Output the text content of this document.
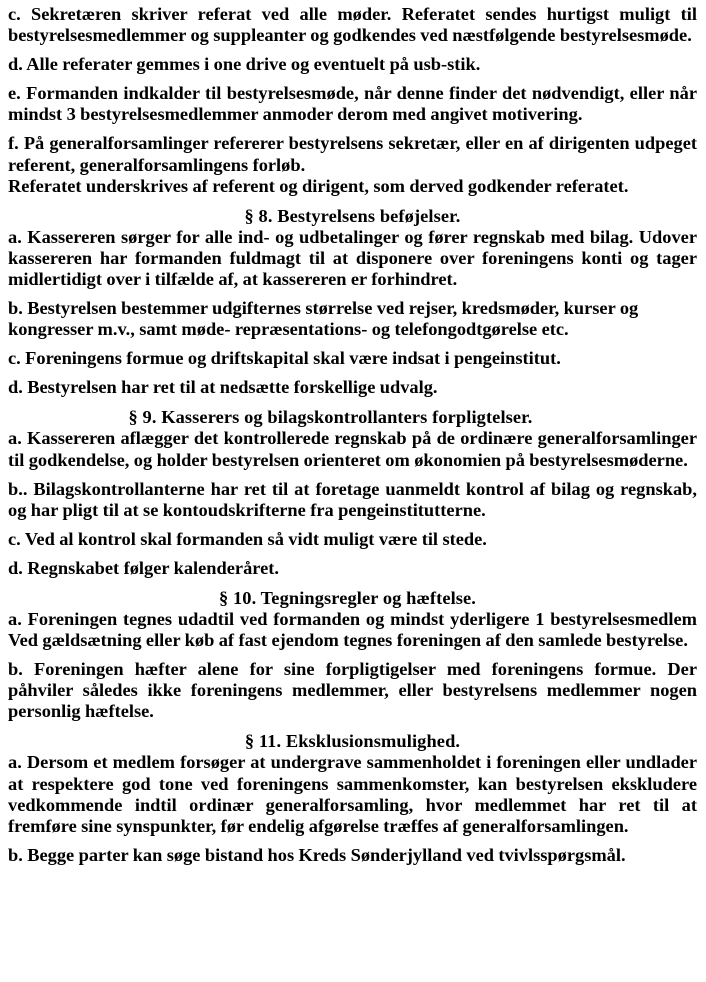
c. Sekretæren skriver referat ved alle møder. Referatet sendes hurtigst muligt til bestyrelsesmedlemmer og suppleanter og godkendes ved næstfølgende bestyrelsesmøde.

d. Alle referater gemmes i one drive og eventuelt på usb-stik.

e. Formanden indkalder til bestyrelsesmøde, når denne finder det nødvendigt, eller når mindst 3 bestyrelsesmedlemmer anmoder derom med angivet motivering.

f. På generalforsamlinger refererer bestyrelsens sekretær, eller en af dirigenten udpeget referent, generalforsamlingens forløb.

Referatet underskrives af referent og dirigent, som derved godkender referatet.

§ 8. Bestyrelsens beføjelser.

a. Kassereren sørger for alle ind- og udbetalinger og fører regnskab med bilag. Udover kassereren har formanden fuldmagt til at disponere over foreningens konti og tager midlertidigt over i tilfælde af, at kassereren er forhindret.

b. Bestyrelsen bestemmer udgifternes størrelse ved rejser, kredsmøder, kurser og kongresser m.v., samt møde- repræsentations- og telefongodtgørelse etc.

c. Foreningens formue og driftskapital skal være indsat i pengeinstitut.

d. Bestyrelsen har ret til at nedsætte forskellige udvalg.

§ 9. Kasserers og bilagskontrollanters forpligtelser.

a. Kassereren aflægger det kontrollerede regnskab på de ordinære generalforsamlinger til godkendelse, og holder bestyrelsen orienteret om økonomien på bestyrelsesmøderne.

b.. Bilagskontrollanterne har ret til at foretage uanmeldt kontrol af bilag og regnskab, og har pligt til at se kontoudskrifterne fra pengeinstitutterne.

c. Ved al kontrol skal formanden så vidt muligt være til stede.

d. Regnskabet følger kalenderåret.

§ 10. Tegningsregler og hæftelse.

a. Foreningen tegnes udadtil ved formanden og mindst yderligere 1 bestyrelsesmedlem Ved gældsætning eller køb af fast ejendom tegnes foreningen af den samlede bestyrelse.

b. Foreningen hæfter alene for sine forpligtigelser med foreningens formue. Der påhviler således ikke foreningens medlemmer, eller bestyrelsens medlemmer nogen personlig hæftelse.

§ 11. Eksklusionsmulighed.

a. Dersom et medlem forsøger at undergrave sammenholdet i foreningen eller undlader at respektere god tone ved foreningens sammenkomster, kan bestyrelsen ekskludere vedkommende indtil ordinær generalforsamling, hvor medlemmet har ret til at fremføre sine synspunkter, før endelig afgørelse træffes af generalforsamlingen.

b. Begge parter kan søge bistand hos Kreds Sønderjylland ved tvivlsspørgsmål.
